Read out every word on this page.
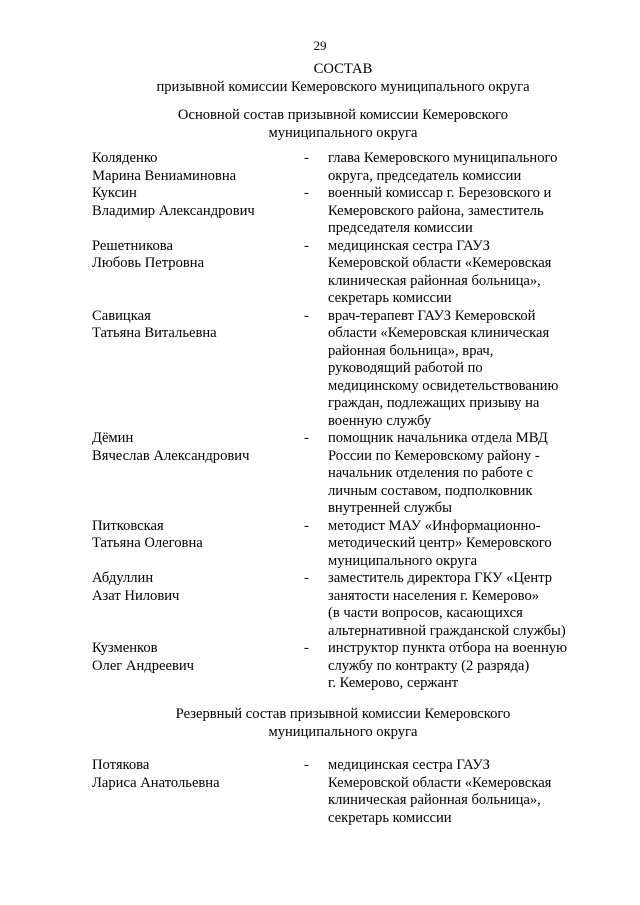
29
СОСТАВ
призывной комиссии Кемеровского муниципального округа
Основной состав призывной комиссии Кемеровского
муниципального округа
Коляденко
Марина Вениаминовна
-	глава Кемеровского муниципального
округа, председатель комиссии
Куксин
Владимир Александрович
-	военный комиссар г. Березовского и
Кемеровского района, заместитель
председателя комиссии
Решетникова
Любовь Петровна
-	медицинская сестра ГАУЗ
Кемеровской области «Кемеровская
клиническая районная больница»,
секретарь комиссии
Савицкая
Татьяна Витальевна
-	врач-терапевт ГАУЗ Кемеровской
области «Кемеровская клиническая
районная больница», врач,
руководящий работой по
медицинскому освидетельствованию
граждан, подлежащих призыву на
военную службу
Дёмин
Вячеслав Александрович
-	помощник начальника отдела МВД
России по Кемеровскому району -
начальник отделения по работе с
личным составом, подполковник
внутренней службы
Питковская
Татьяна Олеговна
-	методист МАУ «Информационно-
методический центр» Кемеровского
муниципального округа
Абдуллин
Азат Нилович
-	заместитель директора ГКУ «Центр
занятости населения г. Кемерово»
(в части вопросов, касающихся
альтернативной гражданской службы)
Кузменков
Олег Андреевич
-	инструктор пункта отбора на военную
службу по контракту (2 разряда)
г. Кемерово, сержант
Резервный состав призывной комиссии Кемеровского
муниципального округа
Потякова
Лариса Анатольевна
-	медицинская сестра ГАУЗ
Кемеровской области «Кемеровская
клиническая районная больница»,
секретарь комиссии
